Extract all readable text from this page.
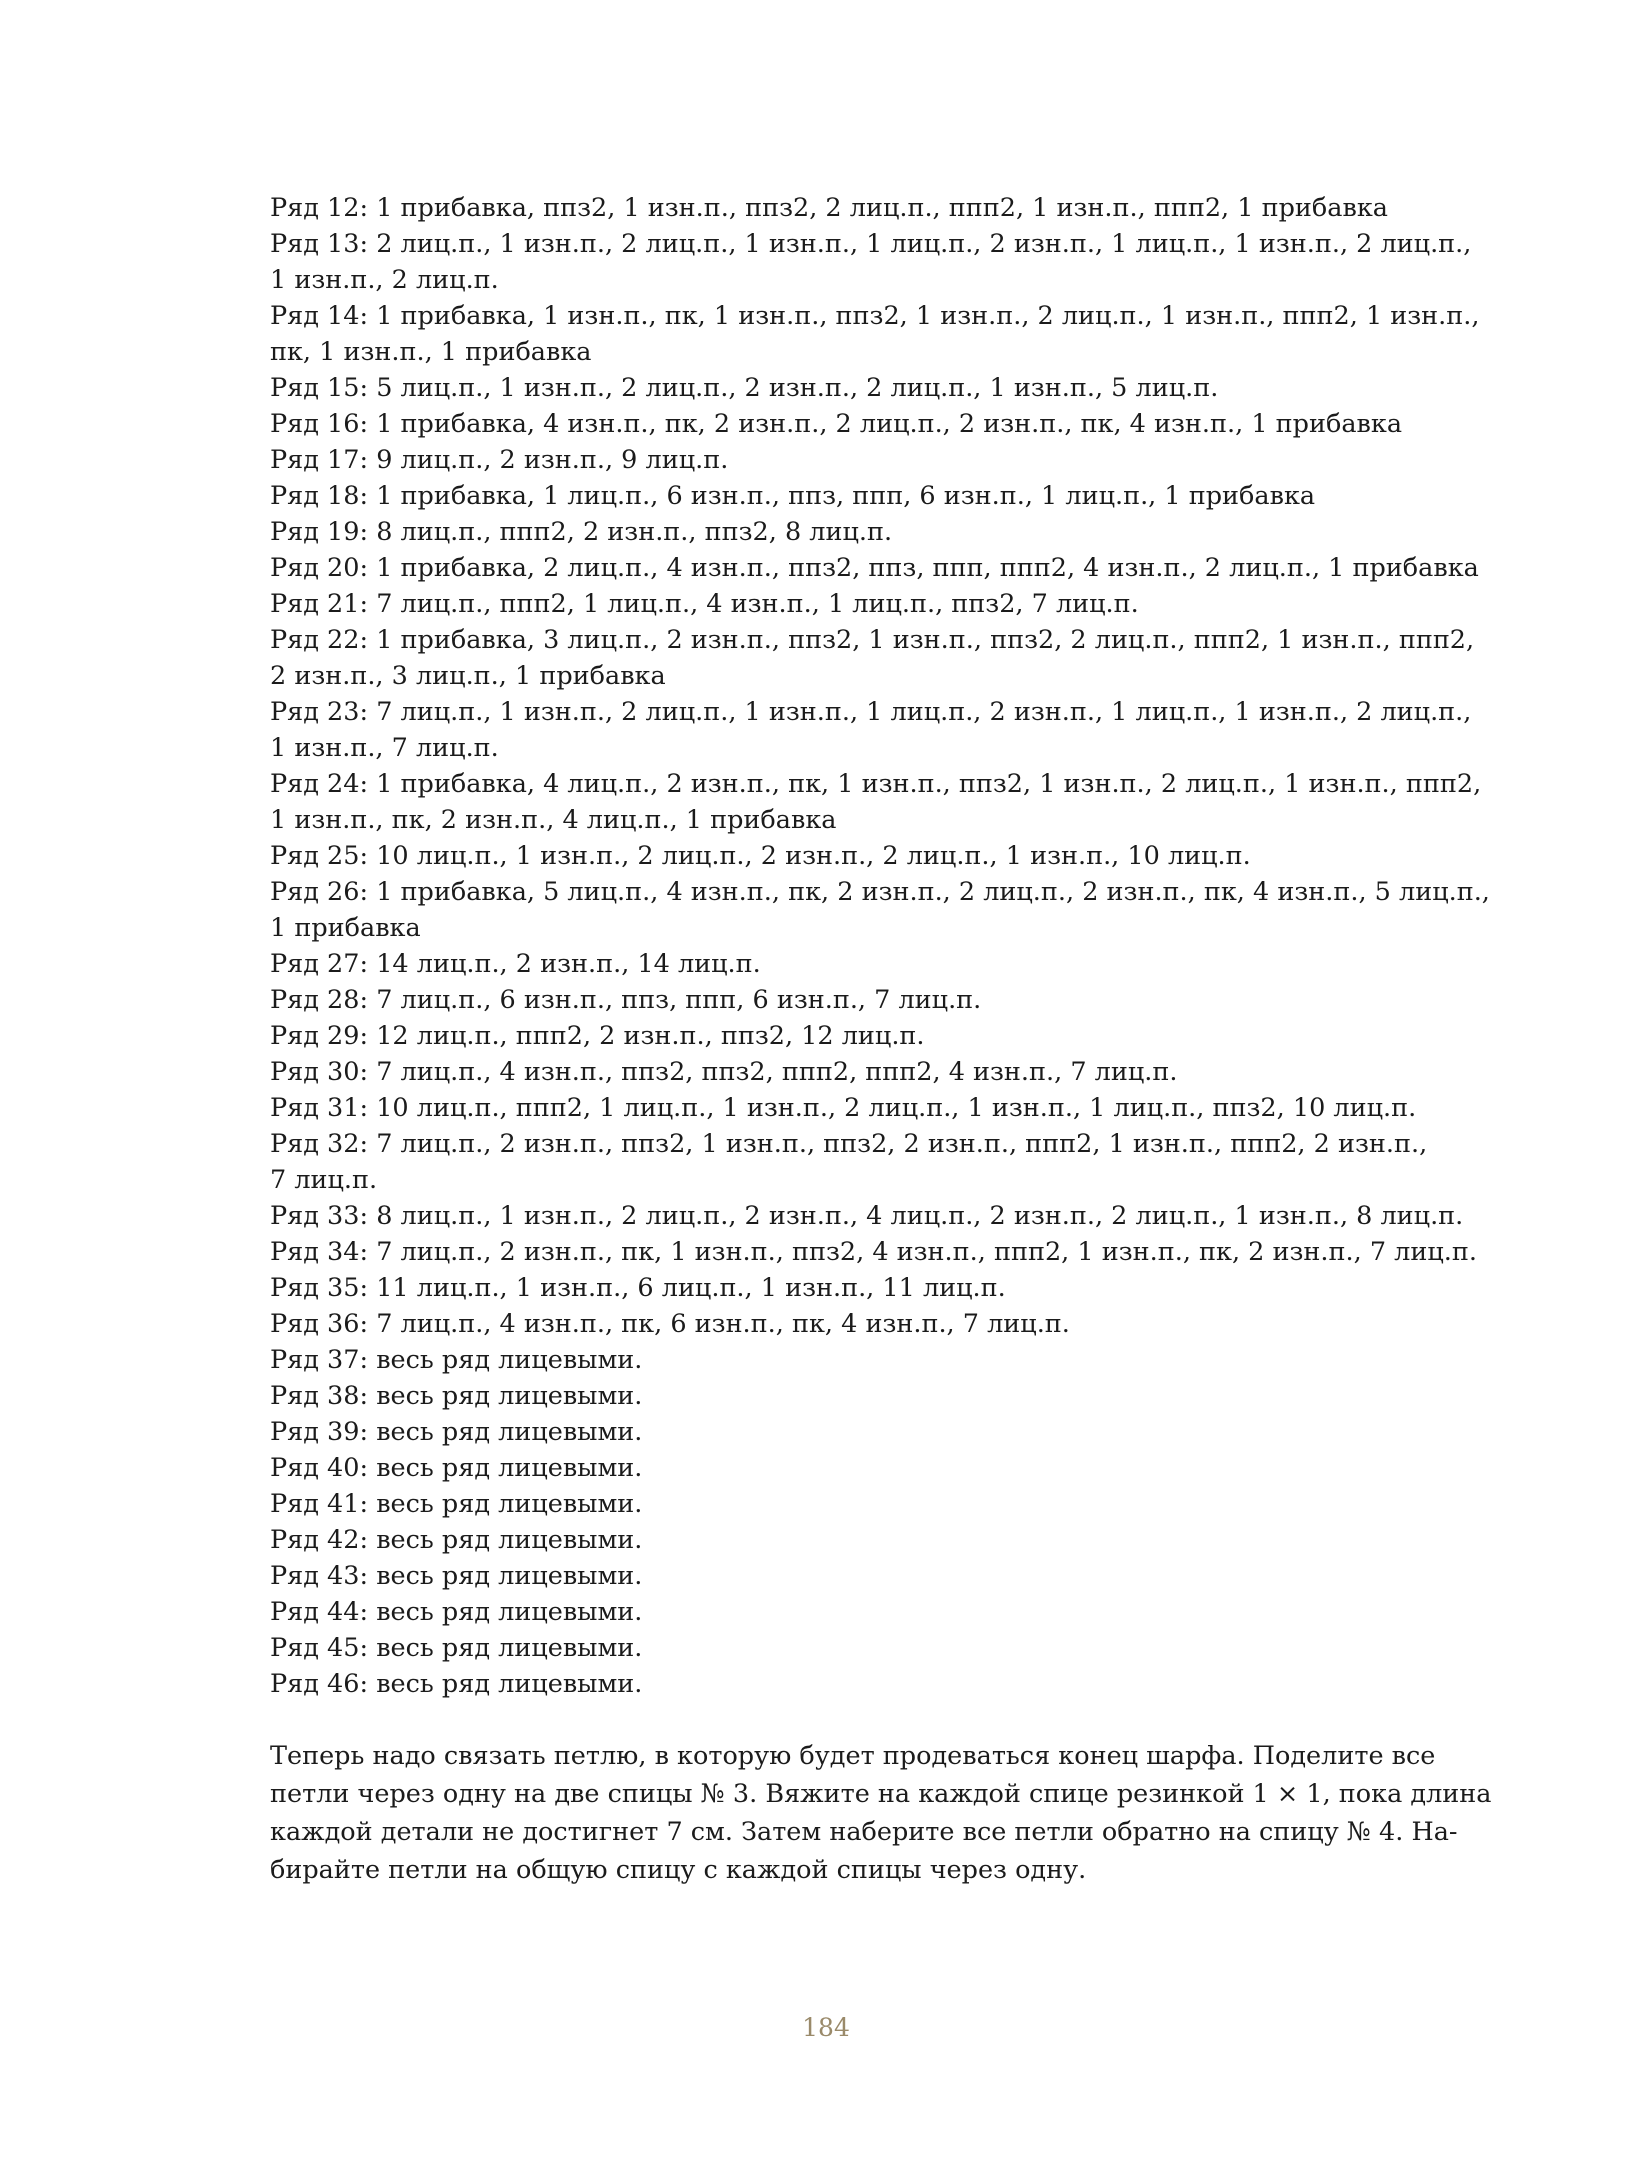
Ряд 12: 1 прибавка, ппз2, 1 изн.п., ппз2, 2 лиц.п., ппп2, 1 изн.п., ппп2, 1 прибавка

Ряд 13: 2 лиц.п., 1 изн.п., 2 лиц.п., 1 изн.п., 1 лиц.п., 2 изн.п., 1 лиц.п., 1 изн.п., 2 лиц.п.,

1 изн.п., 2 лиц.п.

Ряд 14: 1 прибавка, 1 изн.п., пк, 1 изн.п., ппз2, 1 изн.п., 2 лиц.п., 1 изн.п., ппп2, 1 изн.п.,

пк, 1 изн.п., 1 прибавка

Ряд 15: 5 лиц.п., 1 изн.п., 2 лиц.п., 2 изн.п., 2 лиц.п., 1 изн.п., 5 лиц.п.

Ряд 16: 1 прибавка, 4 изн.п., пк, 2 изн.п., 2 лиц.п., 2 изн.п., пк, 4 изн.п., 1 прибавка

Ряд 17: 9 лиц.п., 2 изн.п., 9 лиц.п.

Ряд 18: 1 прибавка, 1 лиц.п., 6 изн.п., ппз, ппп, 6 изн.п., 1 лиц.п., 1 прибавка

Ряд 19: 8 лиц.п., ппп2, 2 изн.п., ппз2, 8 лиц.п.

Ряд 20: 1 прибавка, 2 лиц.п., 4 изн.п., ппз2, ппз, ппп, ппп2, 4 изн.п., 2 лиц.п., 1 прибавка

Ряд 21: 7 лиц.п., ппп2, 1 лиц.п., 4 изн.п., 1 лиц.п., ппз2, 7 лиц.п.

Ряд 22: 1 прибавка, 3 лиц.п., 2 изн.п., ппз2, 1 изн.п., ппз2, 2 лиц.п., ппп2, 1 изн.п., ппп2,

2 изн.п., 3 лиц.п., 1 прибавка

Ряд 23: 7 лиц.п., 1 изн.п., 2 лиц.п., 1 изн.п., 1 лиц.п., 2 изн.п., 1 лиц.п., 1 изн.п., 2 лиц.п.,

1 изн.п., 7 лиц.п.

Ряд 24: 1 прибавка, 4 лиц.п., 2 изн.п., пк, 1 изн.п., ппз2, 1 изн.п., 2 лиц.п., 1 изн.п., ппп2,

1 изн.п., пк, 2 изн.п., 4 лиц.п., 1 прибавка

Ряд 25: 10 лиц.п., 1 изн.п., 2 лиц.п., 2 изн.п., 2 лиц.п., 1 изн.п., 10 лиц.п.

Ряд 26: 1 прибавка, 5 лиц.п., 4 изн.п., пк, 2 изн.п., 2 лиц.п., 2 изн.п., пк, 4 изн.п., 5 лиц.п.,

1 прибавка

Ряд 27: 14 лиц.п., 2 изн.п., 14 лиц.п.

Ряд 28: 7 лиц.п., 6 изн.п., ппз, ппп, 6 изн.п., 7 лиц.п.

Ряд 29: 12 лиц.п., ппп2, 2 изн.п., ппз2, 12 лиц.п.

Ряд 30: 7 лиц.п., 4 изн.п., ппз2, ппз2, ппп2, ппп2, 4 изн.п., 7 лиц.п.

Ряд 31: 10 лиц.п., ппп2, 1 лиц.п., 1 изн.п., 2 лиц.п., 1 изн.п., 1 лиц.п., ппз2, 10 лиц.п.

Ряд 32: 7 лиц.п., 2 изн.п., ппз2, 1 изн.п., ппз2, 2 изн.п., ппп2, 1 изн.п., ппп2, 2 изн.п.,

7 лиц.п.

Ряд 33: 8 лиц.п., 1 изн.п., 2 лиц.п., 2 изн.п., 4 лиц.п., 2 изн.п., 2 лиц.п., 1 изн.п., 8 лиц.п.

Ряд 34: 7 лиц.п., 2 изн.п., пк, 1 изн.п., ппз2, 4 изн.п., ппп2, 1 изн.п., пк, 2 изн.п., 7 лиц.п.

Ряд 35: 11 лиц.п., 1 изн.п., 6 лиц.п., 1 изн.п., 11 лиц.п.

Ряд 36: 7 лиц.п., 4 изн.п., пк, 6 изн.п., пк, 4 изн.п., 7 лиц.п.

Ряд 37: весь ряд лицевыми.

Ряд 38: весь ряд лицевыми.

Ряд 39: весь ряд лицевыми.

Ряд 40: весь ряд лицевыми.

Ряд 41: весь ряд лицевыми.

Ряд 42: весь ряд лицевыми.

Ряд 43: весь ряд лицевыми.

Ряд 44: весь ряд лицевыми.

Ряд 45: весь ряд лицевыми.

Ряд 46: весь ряд лицевыми.

Теперь надо связать петлю, в которую будет продеваться конец шарфа. Поделите все

петли через одну на две спицы № 3. Вяжите на каждой спице резинкой 1 × 1, пока длина

каждой детали не достигнет 7 см. Затем наберите все петли обратно на спицу № 4. На-

бирайте петли на общую спицу с каждой спицы через одну.

184
